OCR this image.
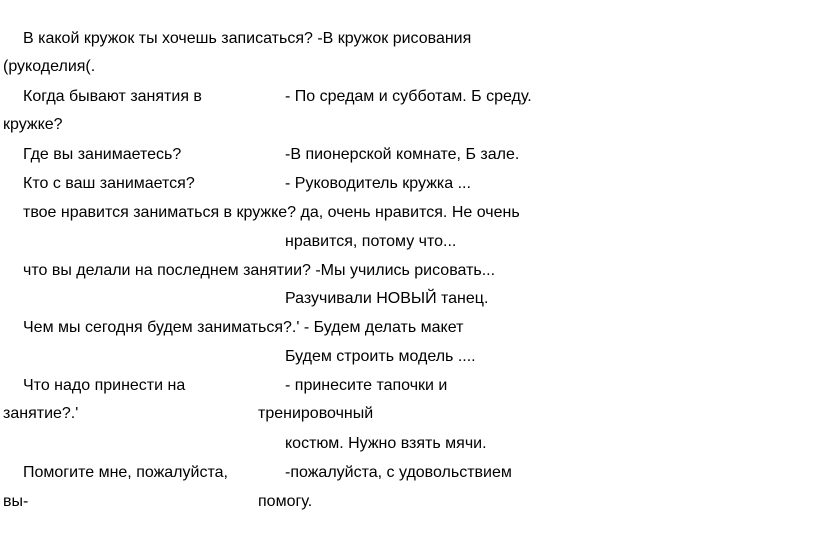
В какой кружок ты хочешь записаться? -В кружок рисования
(рукоделия(.
Когда бывают занятия в	- По средам и субботам. Б среду.
кружке?
Где вы занимаетесь?	-В пионерской комнате, Б зале.
Кто с ваш занимается?	- Руководитель кружка ...
твое нравится заниматься в кружке? да, очень нравится. Не очень
нравится, потому что...
что вы делали на последнем занятии? -Мы учились рисовать...
Разучивали НОВЫЙ танец.
Чем мы сегодня будем заниматься?.' - Будем делать макет
Будем строить модель ....
Что надо принести на	- принесите тапочки и
занятие?.'	тренировочный
костюм. Нужно взять мячи.
Помогите мне, пожалуйста,	-пожалуйста, с удовольствием
вы-	помогу.
